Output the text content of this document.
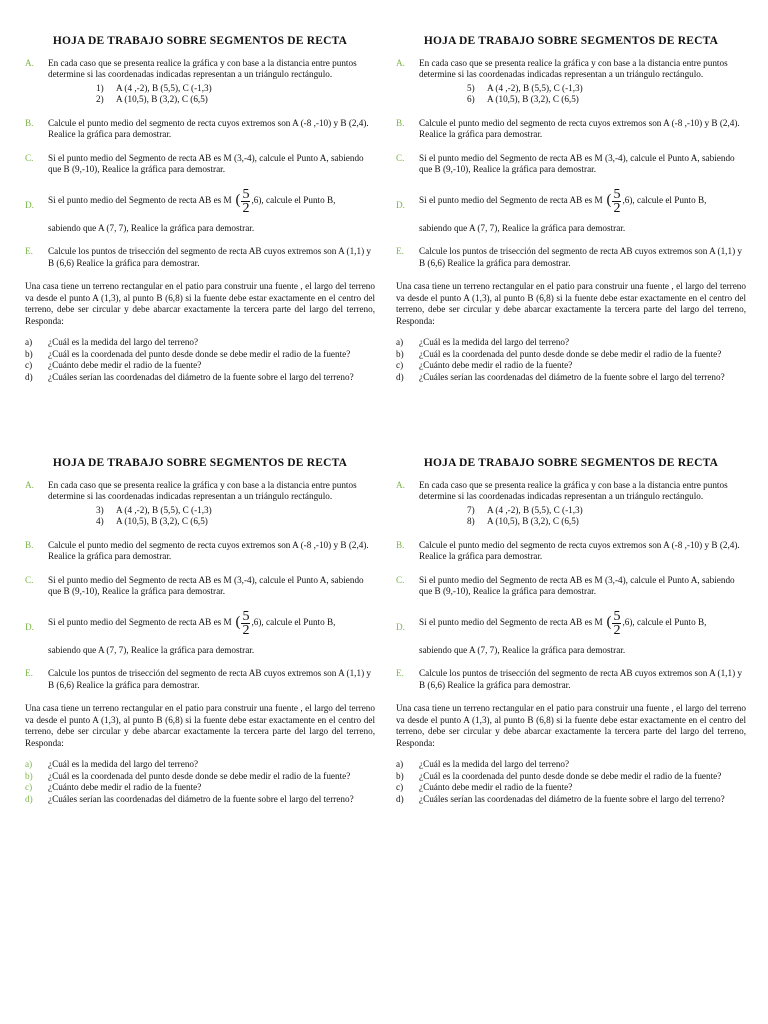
HOJA DE TRABAJO SOBRE SEGMENTOS DE RECTA
A.	En cada caso que se presenta realice la gráfica y con base a la distancia entre puntos determine si las coordenadas indicadas representan a un triángulo rectángulo.
1)	A (4 ,-2), B (5,5), C (-1,3)
2)	A (10,5), B (3,2), C (6,5)
B.	Calcule el punto medio del segmento de recta cuyos extremos son A (-8 ,-10) y B (2,4). Realice la gráfica para demostrar.
C.	Si el punto medio del Segmento de recta AB es M (3,-4), calcule el Punto A, sabiendo que B (9,-10), Realice la gráfica para demostrar.
D.	Si el punto medio del Segmento de recta AB es M ( $\frac{5}{2} ,6$), calcule el Punto B,
sabiendo que A (7, 7), Realice la gráfica para demostrar.
E.	Calcule los puntos de trisección del segmento de recta AB cuyos extremos son A (1,1) y B (6,6) Realice la gráfica para demostrar.
Una casa tiene un terreno rectangular en el patio para construir una fuente , el largo del terreno va desde el punto A (1,3), al punto B (6,8) si la fuente debe estar exactamente en el centro del terreno, debe ser circular y debe abarcar exactamente la tercera parte del largo del terreno, Responda:
a)	¿Cuál es la medida del largo del terreno?
b)	¿Cuál es la coordenada del punto desde donde se debe medir el radio de la fuente?
c)	¿Cuánto debe medir el radio de la fuente?
d)	¿Cuáles serían las coordenadas del diámetro de la fuente sobre el largo del terreno?
HOJA DE TRABAJO SOBRE SEGMENTOS DE RECTA
A.	En cada caso que se presenta realice la gráfica y con base a la distancia entre puntos determine si las coordenadas indicadas representan a un triángulo rectángulo.
5)	A (4 ,-2), B (5,5), C (-1,3)
6)	A (10,5), B (3,2), C (6,5)
B.	Calcule el punto medio del segmento de recta cuyos extremos son A (-8 ,-10) y B (2,4). Realice la gráfica para demostrar.
C.	Si el punto medio del Segmento de recta AB es M (3,-4), calcule el Punto A, sabiendo que B (9,-10), Realice la gráfica para demostrar.
D.	Si el punto medio del Segmento de recta AB es M ( $\frac{5}{2} ,6$), calcule el Punto B,
sabiendo que A (7, 7), Realice la gráfica para demostrar.
E.	Calcule los puntos de trisección del segmento de recta AB cuyos extremos son A (1,1) y B (6,6) Realice la gráfica para demostrar.
Una casa tiene un terreno rectangular en el patio para construir una fuente , el largo del terreno va desde el punto A (1,3), al punto B (6,8) si la fuente debe estar exactamente en el centro del terreno, debe ser circular y debe abarcar exactamente la tercera parte del largo del terreno, Responda:
a)	¿Cuál es la medida del largo del terreno?
b)	¿Cuál es la coordenada del punto desde donde se debe medir el radio de la fuente?
c)	¿Cuánto debe medir el radio de la fuente?
d)	¿Cuáles serían las coordenadas del diámetro de la fuente sobre el largo del terreno?
HOJA DE TRABAJO SOBRE SEGMENTOS DE RECTA
A.	En cada caso que se presenta realice la gráfica y con base a la distancia entre puntos determine si las coordenadas indicadas representan a un triángulo rectángulo.
3)	A (4 ,-2), B (5,5), C (-1,3)
4)	A (10,5), B (3,2), C (6,5)
B.	Calcule el punto medio del segmento de recta cuyos extremos son A (-8 ,-10) y B (2,4). Realice la gráfica para demostrar.
C.	Si el punto medio del Segmento de recta AB es M (3,-4), calcule el Punto A, sabiendo que B (9,-10), Realice la gráfica para demostrar.
D.	Si el punto medio del Segmento de recta AB es M ( $\frac{5}{2} ,6$), calcule el Punto B,
sabiendo que A (7, 7), Realice la gráfica para demostrar.
E.	Calcule los puntos de trisección del segmento de recta AB cuyos extremos son A (1,1) y B (6,6) Realice la gráfica para demostrar.
Una casa tiene un terreno rectangular en el patio para construir una fuente , el largo del terreno va desde el punto A (1,3), al punto B (6,8) si la fuente debe estar exactamente en el centro del terreno, debe ser circular y debe abarcar exactamente la tercera parte del largo del terreno, Responda:
a)	¿Cuál es la medida del largo del terreno?
b)	¿Cuál es la coordenada del punto desde donde se debe medir el radio de la fuente?
c)	¿Cuánto debe medir el radio de la fuente?
d)	¿Cuáles serían las coordenadas del diámetro de la fuente sobre el largo del terreno?
HOJA DE TRABAJO SOBRE SEGMENTOS DE RECTA
A.	En cada caso que se presenta realice la gráfica y con base a la distancia entre puntos determine si las coordenadas indicadas representan a un triángulo rectángulo.
7)	A (4 ,-2), B (5,5), C (-1,3)
8)	A (10,5), B (3,2), C (6,5)
B.	Calcule el punto medio del segmento de recta cuyos extremos son A (-8 ,-10) y B (2,4). Realice la gráfica para demostrar.
C.	Si el punto medio del Segmento de recta AB es M (3,-4), calcule el Punto A, sabiendo que B (9,-10), Realice la gráfica para demostrar.
D.	Si el punto medio del Segmento de recta AB es M ( $\frac{5}{2} ,6$), calcule el Punto B,
sabiendo que A (7, 7), Realice la gráfica para demostrar.
E.	Calcule los puntos de trisección del segmento de recta AB cuyos extremos son A (1,1) y B (6,6) Realice la gráfica para demostrar.
Una casa tiene un terreno rectangular en el patio para construir una fuente , el largo del terreno va desde el punto A (1,3), al punto B (6,8) si la fuente debe estar exactamente en el centro del terreno, debe ser circular y debe abarcar exactamente la tercera parte del largo del terreno, Responda:
a)	¿Cuál es la medida del largo del terreno?
b)	¿Cuál es la coordenada del punto desde donde se debe medir el radio de la fuente?
c)	¿Cuánto debe medir el radio de la fuente?
d)	¿Cuáles serían las coordenadas del diámetro de la fuente sobre el largo del terreno?
